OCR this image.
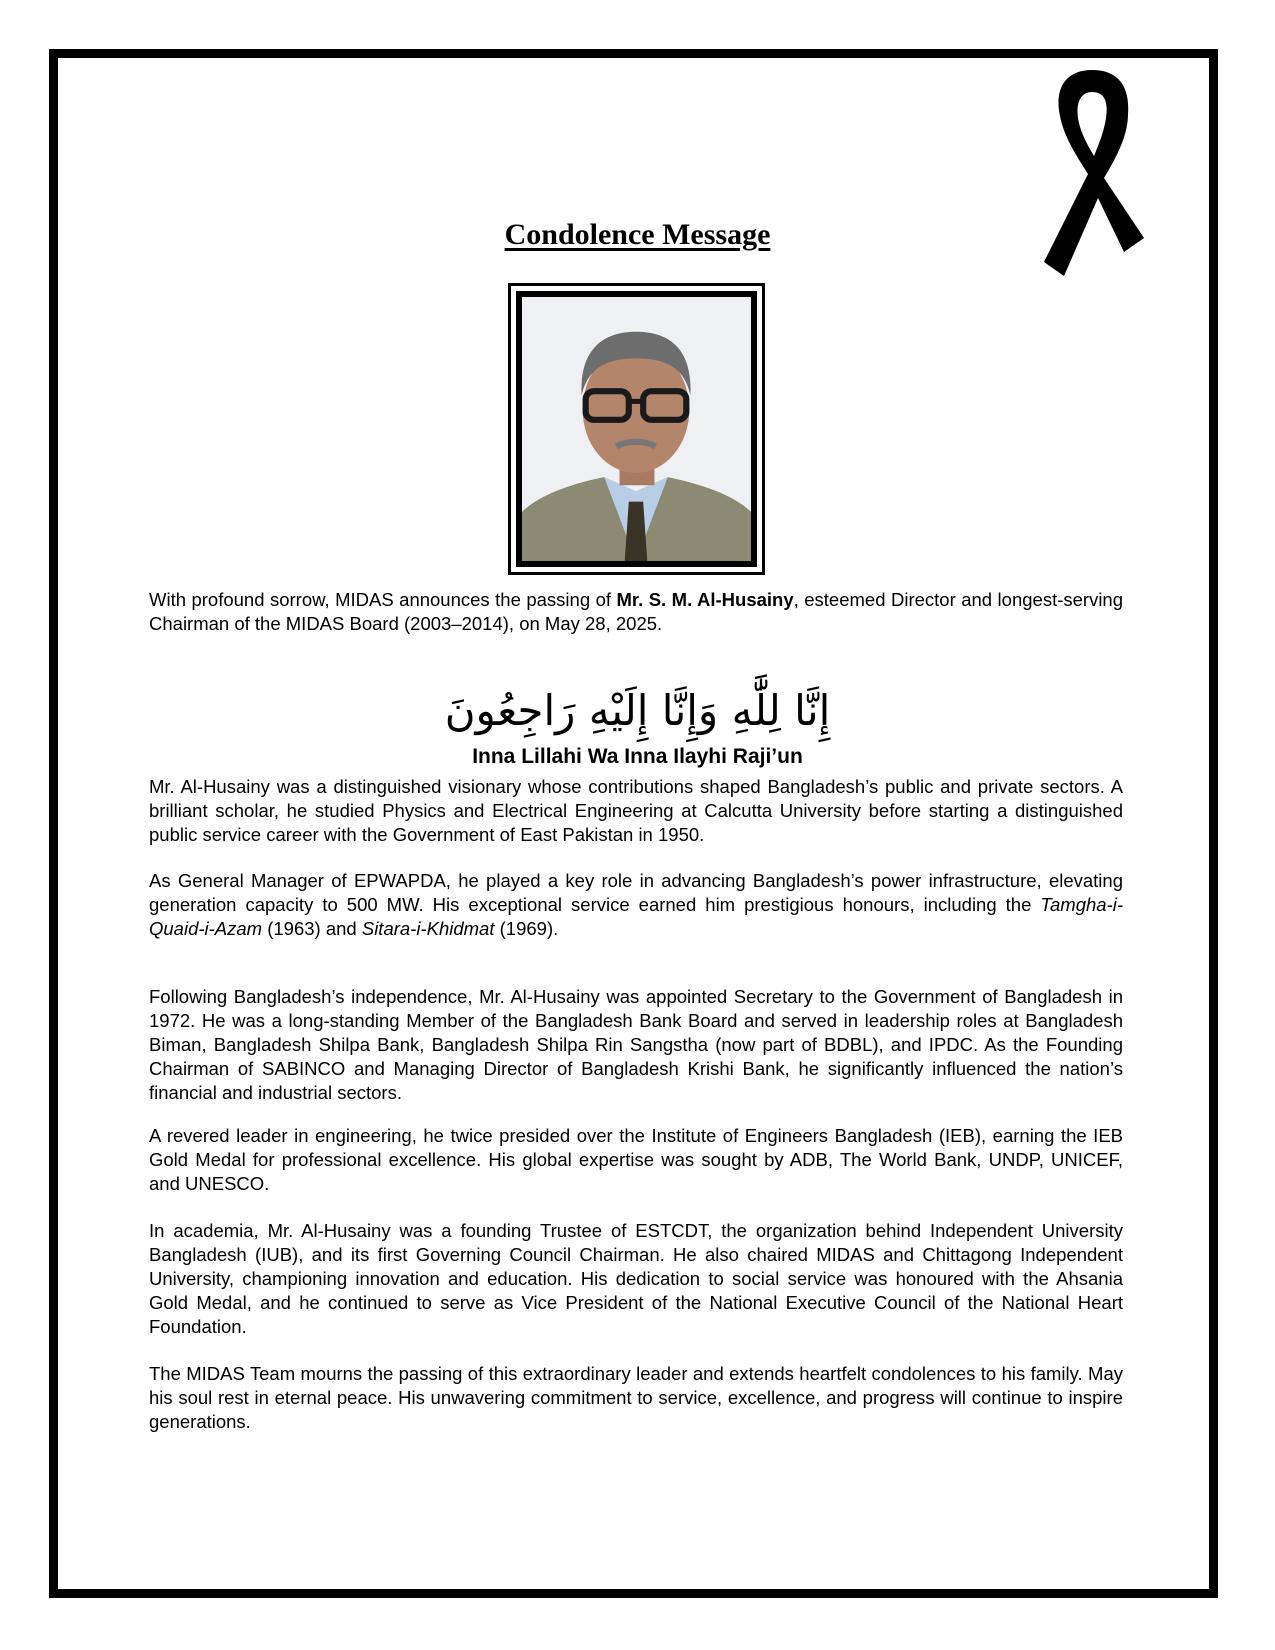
Condolence Message

With profound sorrow, MIDAS announces the passing of Mr. S. M. Al-Husainy, esteemed Director and longest-serving Chairman of the MIDAS Board (2003–2014), on May 28, 2025.

إِنَّا لِلَّٰهِ وَإِنَّا إِلَيْهِ رَاجِعُونَ

Inna Lillahi Wa Inna Ilayhi Raji’un

Mr. Al-Husainy was a distinguished visionary whose contributions shaped Bangladesh’s public and private sectors. A brilliant scholar, he studied Physics and Electrical Engineering at Calcutta University before starting a distinguished public service career with the Government of East Pakistan in 1950.

As General Manager of EPWAPDA, he played a key role in advancing Bangladesh’s power infrastructure, elevating generation capacity to 500 MW. His exceptional service earned him prestigious honours, including the Tamgha-i-Quaid-i-Azam (1963) and Sitara-i-Khidmat (1969).

Following Bangladesh’s independence, Mr. Al-Husainy was appointed Secretary to the Government of Bangladesh in 1972. He was a long-standing Member of the Bangladesh Bank Board and served in leadership roles at Bangladesh Biman, Bangladesh Shilpa Bank, Bangladesh Shilpa Rin Sangstha (now part of BDBL), and IPDC. As the Founding Chairman of SABINCO and Managing Director of Bangladesh Krishi Bank, he significantly influenced the nation’s financial and industrial sectors.

A revered leader in engineering, he twice presided over the Institute of Engineers Bangladesh (IEB), earning the IEB Gold Medal for professional excellence. His global expertise was sought by ADB, The World Bank, UNDP, UNICEF, and UNESCO.

In academia, Mr. Al-Husainy was a founding Trustee of ESTCDT, the organization behind Independent University Bangladesh (IUB), and its first Governing Council Chairman. He also chaired MIDAS and Chittagong Independent University, championing innovation and education. His dedication to social service was honoured with the Ahsania Gold Medal, and he continued to serve as Vice President of the National Executive Council of the National Heart Foundation.

The MIDAS Team mourns the passing of this extraordinary leader and extends heartfelt condolences to his family. May his soul rest in eternal peace. His unwavering commitment to service, excellence, and progress will continue to inspire generations.
